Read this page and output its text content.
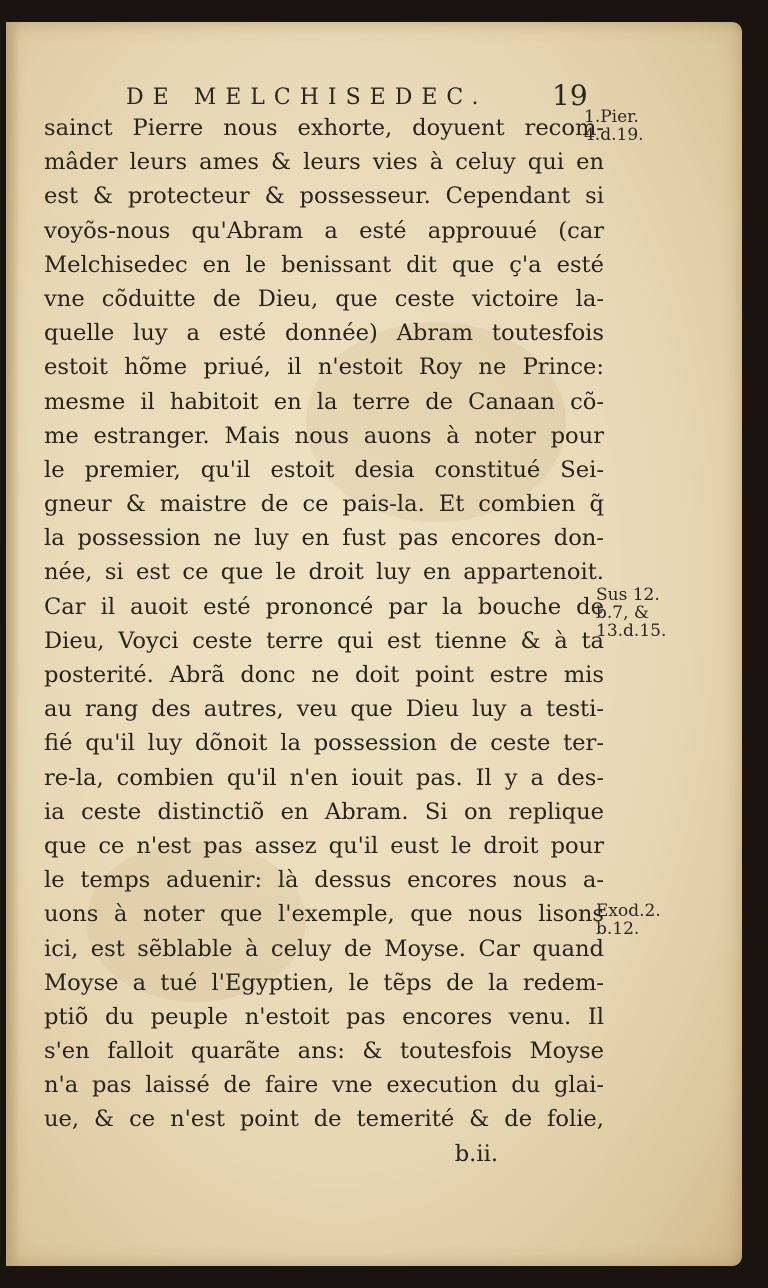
DE MELCHISEDEC. 19
sainct Pierre nous exhorte, doyuent recom-
mâder leurs ames & leurs vies à celuy qui en
est & protecteur & possesseur. Cependant si
voyõs-nous qu'Abram a esté approuué (car
Melchisedec en le benissant dit que ç'a esté
vne cõduitte de Dieu, que ceste victoire la-
quelle luy a esté donnée) Abram toutesfois
estoit hõme priué, il n'estoit Roy ne Prince:
mesme il habitoit en la terre de Canaan cõ-
me estranger. Mais nous auons à noter pour
le premier, qu'il estoit desia constitué Sei-
gneur & maistre de ce pais-la. Et combien q̃
la possession ne luy en fust pas encores don-
née, si est ce que le droit luy en appartenoit.
Car il auoit esté prononcé par la bouche de
Dieu, Voyci ceste terre qui est tienne & à ta
posterité. Abrã donc ne doit point estre mis
au rang des autres, veu que Dieu luy a testi-
fié qu'il luy dõnoit la possession de ceste ter-
re-la, combien qu'il n'en iouit pas. Il y a des-
ia ceste distinctiõ en Abram. Si on replique
que ce n'est pas assez qu'il eust le droit pour
le temps aduenir: là dessus encores nous a-
uons à noter que l'exemple, que nous lisons
ici, est sẽblable à celuy de Moyse. Car quand
Moyse a tué l'Egyptien, le tẽps de la redem-
ptiõ du peuple n'estoit pas encores venu. Il
s'en falloit quarãte ans: & toutesfois Moyse
n'a pas laissé de faire vne execution du glai-
ue, & ce n'est point de temerité & de folie,
b.ii.
1.Pier.
4.d.19.
Sus 12.
b.7, &
13.d.15.
Exod.2.
b.12.
